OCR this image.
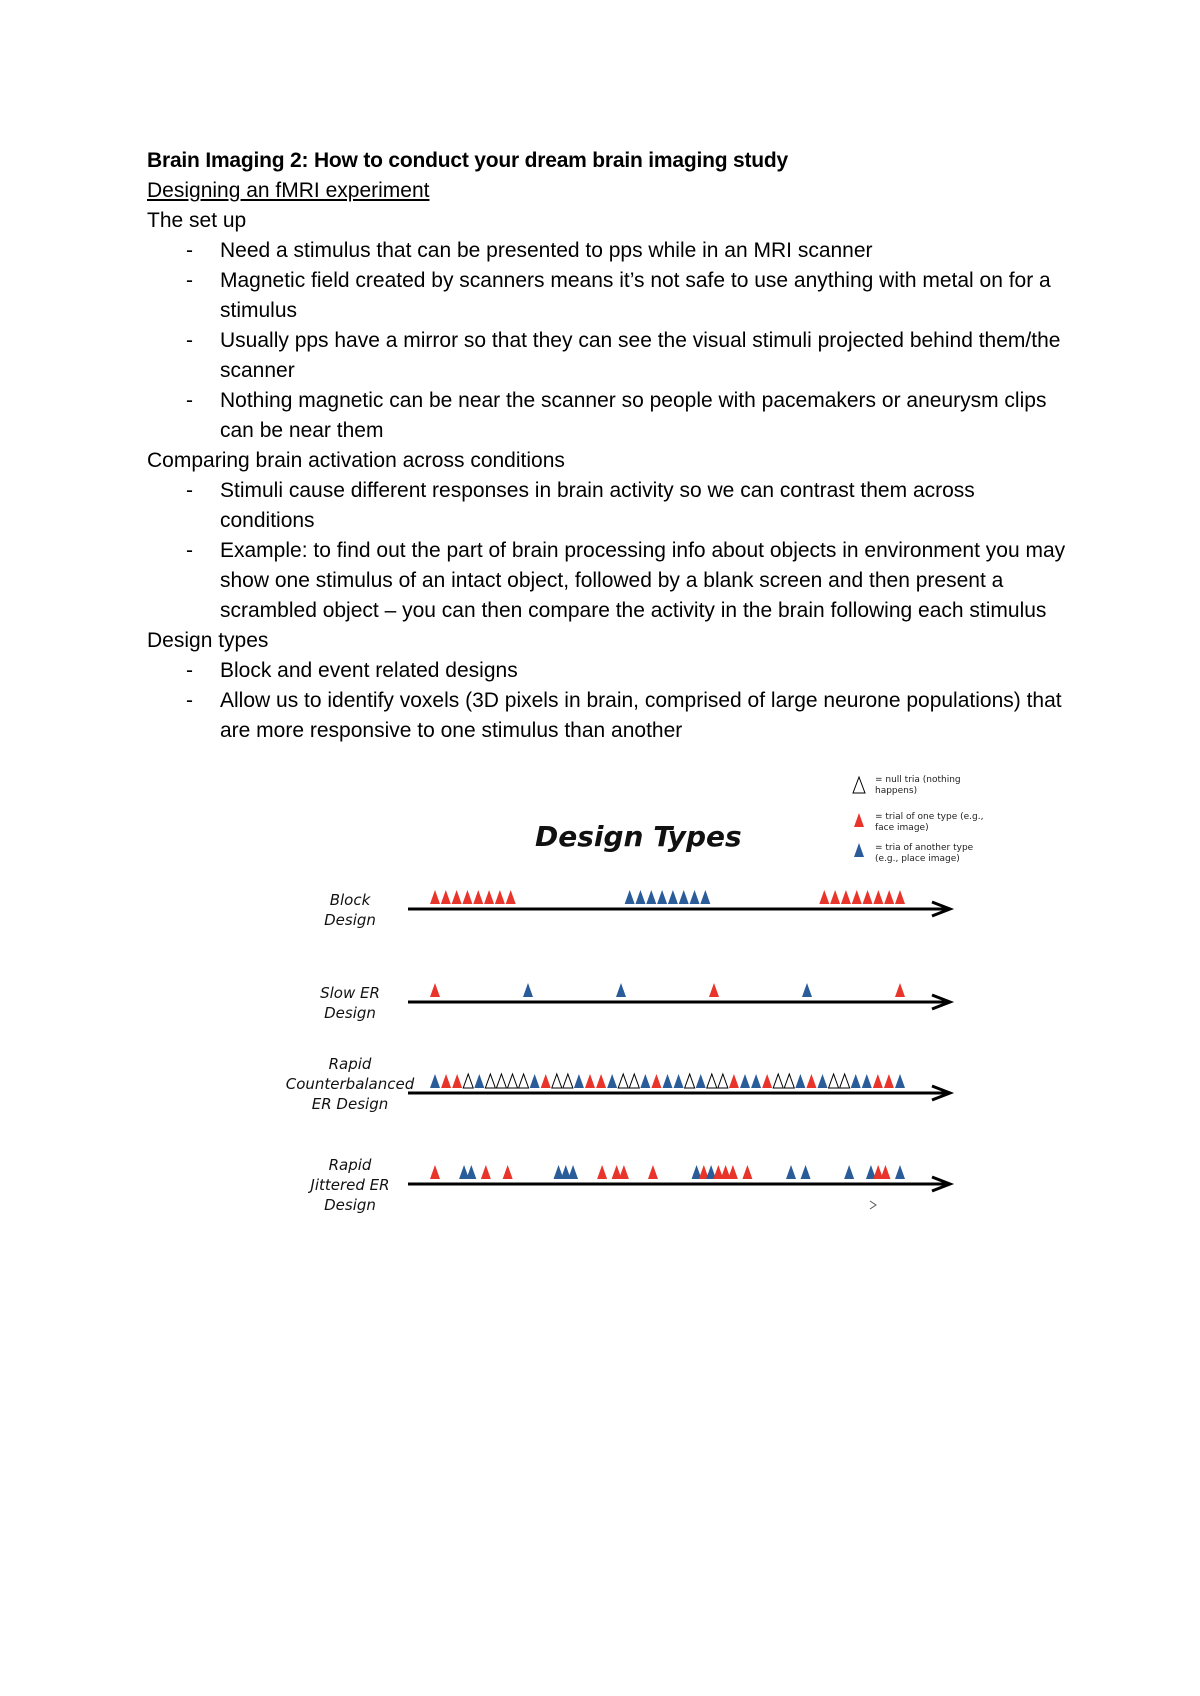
Brain Imaging 2: How to conduct your dream brain imaging study

Designing an fMRI experiment

The set up

- Need a stimulus that can be presented to pps while in an MRI scanner
- Magnetic field created by scanners means it’s not safe to use anything with metal on for a stimulus
- Usually pps have a mirror so that they can see the visual stimuli projected behind them/the scanner
- Nothing magnetic can be near the scanner so people with pacemakers or aneurysm clips can be near them

Comparing brain activation across conditions

- Stimuli cause different responses in brain activity so we can contrast them across conditions
- Example: to find out the part of brain processing info about objects in environment you may show one stimulus of an intact object, followed by a blank screen and then present a scrambled object – you can then compare the activity in the brain following each stimulus

Design types

- Block and event related designs
- Allow us to identify voxels (3D pixels in brain, comprised of large neurone populations) that are more responsive to one stimulus than another
Design Types
= null tria (nothing happens)
= trial of one type (e.g., face image)
= tria of another type (e.g., place image)
Block
Design
Slow ER
Design
Rapid
Counterbalanced
ER Design
Rapid
Jittered ER
Design
